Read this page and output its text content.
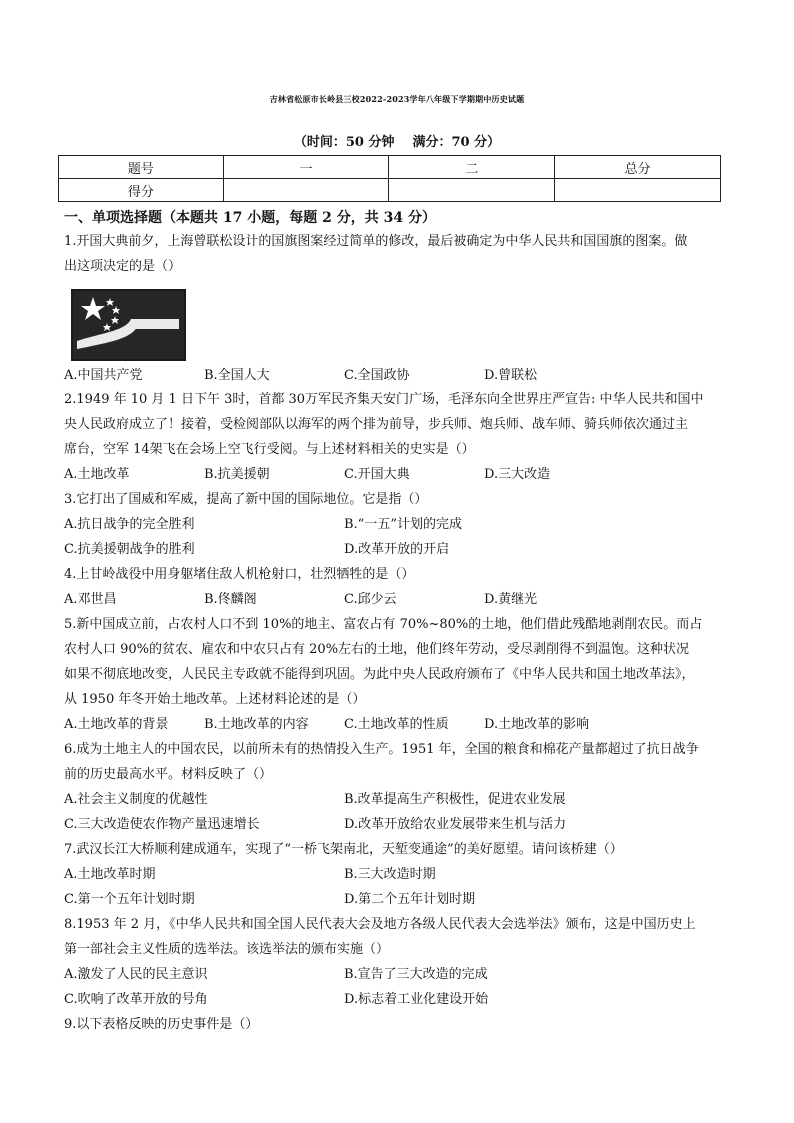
吉林省松原市长岭县三校2022-2023学年八年级下学期期中历史试题
（时间：50 分钟 满分：70 分）
题号	一	二	总分
得分			
一、单项选择题（本题共 17 小题，每题 2 分，共 34 分）
1.开国大典前夕，上海曾联松设计的国旗图案经过简单的修改，最后被确定为中华人民共和国国旗的图案。做
出这项决定的是（）
A.中国共产党	B.全国人大	C.全国政协	D.曾联松
2.1949 年 10 月 1 日下午 3时，首都 30万军民齐集天安门广场，毛泽东向全世界庄严宣告: 中华人民共和国中
央人民政府成立了！接着，受检阅部队以海军的两个排为前导，步兵师、炮兵师、战车师、骑兵师依次通过主
席台，空军 14架飞在会场上空飞行受阅。与上述材料相关的史实是（）
A.土地改革	B.抗美援朝	C.开国大典	D.三大改造
3.它打出了国威和军威，提高了新中国的国际地位。它是指（）
A.抗日战争的完全胜利	B.“一五”计划的完成
C.抗美援朝战争的胜利	D.改革开放的开启
4.上甘岭战役中用身躯堵住敌人机枪射口，壮烈牺牲的是（）
A.邓世昌	B.佟麟阁	C.邱少云	D.黄继光
5.新中国成立前，占农村人口不到 10%的地主、富农占有 70%~80%的土地，他们借此残酷地剥削农民。而占
农村人口 90%的贫农、雇农和中农只占有 20%左右的土地，他们终年劳动，受尽剥削得不到温饱。这种状况
如果不彻底地改变，人民民主专政就不能得到巩固。为此中央人民政府颁布了《中华人民共和国土地改革法》，
从 1950 年冬开始土地改革。上述材料论述的是（）
A.土地改革的背景	B.土地改革的内容	C.土地改革的性质	D.土地改革的影响
6.成为土地主人的中国农民，以前所未有的热情投入生产。1951 年，全国的粮食和棉花产量都超过了抗日战争
前的历史最高水平。材料反映了（）
A.社会主义制度的优越性	B.改革提高生产积极性，促进农业发展
C.三大改造使农作物产量迅速增长	D.改革开放给农业发展带来生机与活力
7.武汉长江大桥顺利建成通车，实现了“一桥飞架南北，天堑变通途”的美好愿望。请问该桥建（）
A.土地改革时期	B.三大改造时期
C.第一个五年计划时期	D.第二个五年计划时期
8.1953 年 2 月，《中华人民共和国全国人民代表大会及地方各级人民代表大会选举法》颁布，这是中国历史上
第一部社会主义性质的选举法。该选举法的颁布实施（）
A.激发了人民的民主意识	B.宣告了三大改造的完成
C.吹响了改革开放的号角	D.标志着工业化建设开始
9.以下表格反映的历史事件是（）
